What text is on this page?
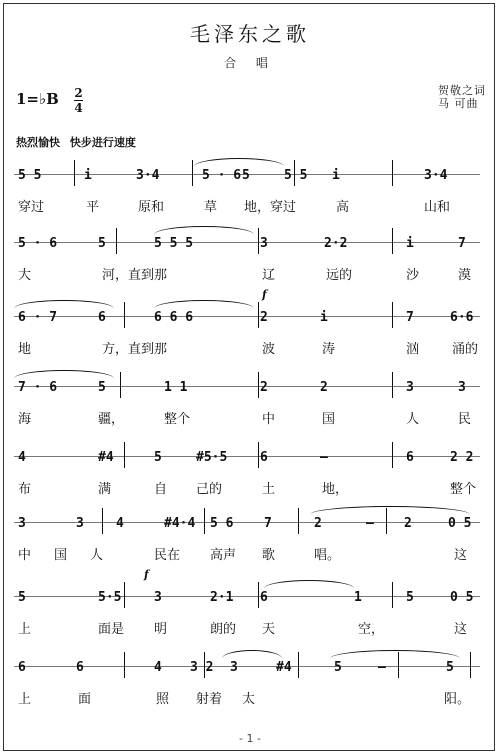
毛泽东之歌
合 唱
1=♭B 2
4
贺敬之词
马 可曲
热烈愉快 快步进行速度
5 5	i	3·4	5 · 6 5	5 5 i	3·4
穿过	平	原和	草 地，穿过	高	山和
5 · 6	5	5 5 5	3	2·2	i	7
大	河，直到那	辽	远的	沙	漠
6 · 7	6	6 6 6	2	i	7	6·6
地	方，直到那	波	涛	汹	涌的
f
7 · 6	5	1 1	2	2	3	3
海	疆，	整个	中	国	人	民
4	#4	5	#5·5	6	–	6	2 2
布	满	自 己的	土	地，	整个
3	3 4	#4·4 5 6 7	2	– 2	0 5
中 国 人	民在 高声 歌	唱。	这
5	5·5	3	2·1 6	1	5	0 5
上	面是 明	朗的 天	空，	这
f
6	6	4 3 2 3	#4	5	–	5
上	面	照 射着 太	阳。
- 1 -
